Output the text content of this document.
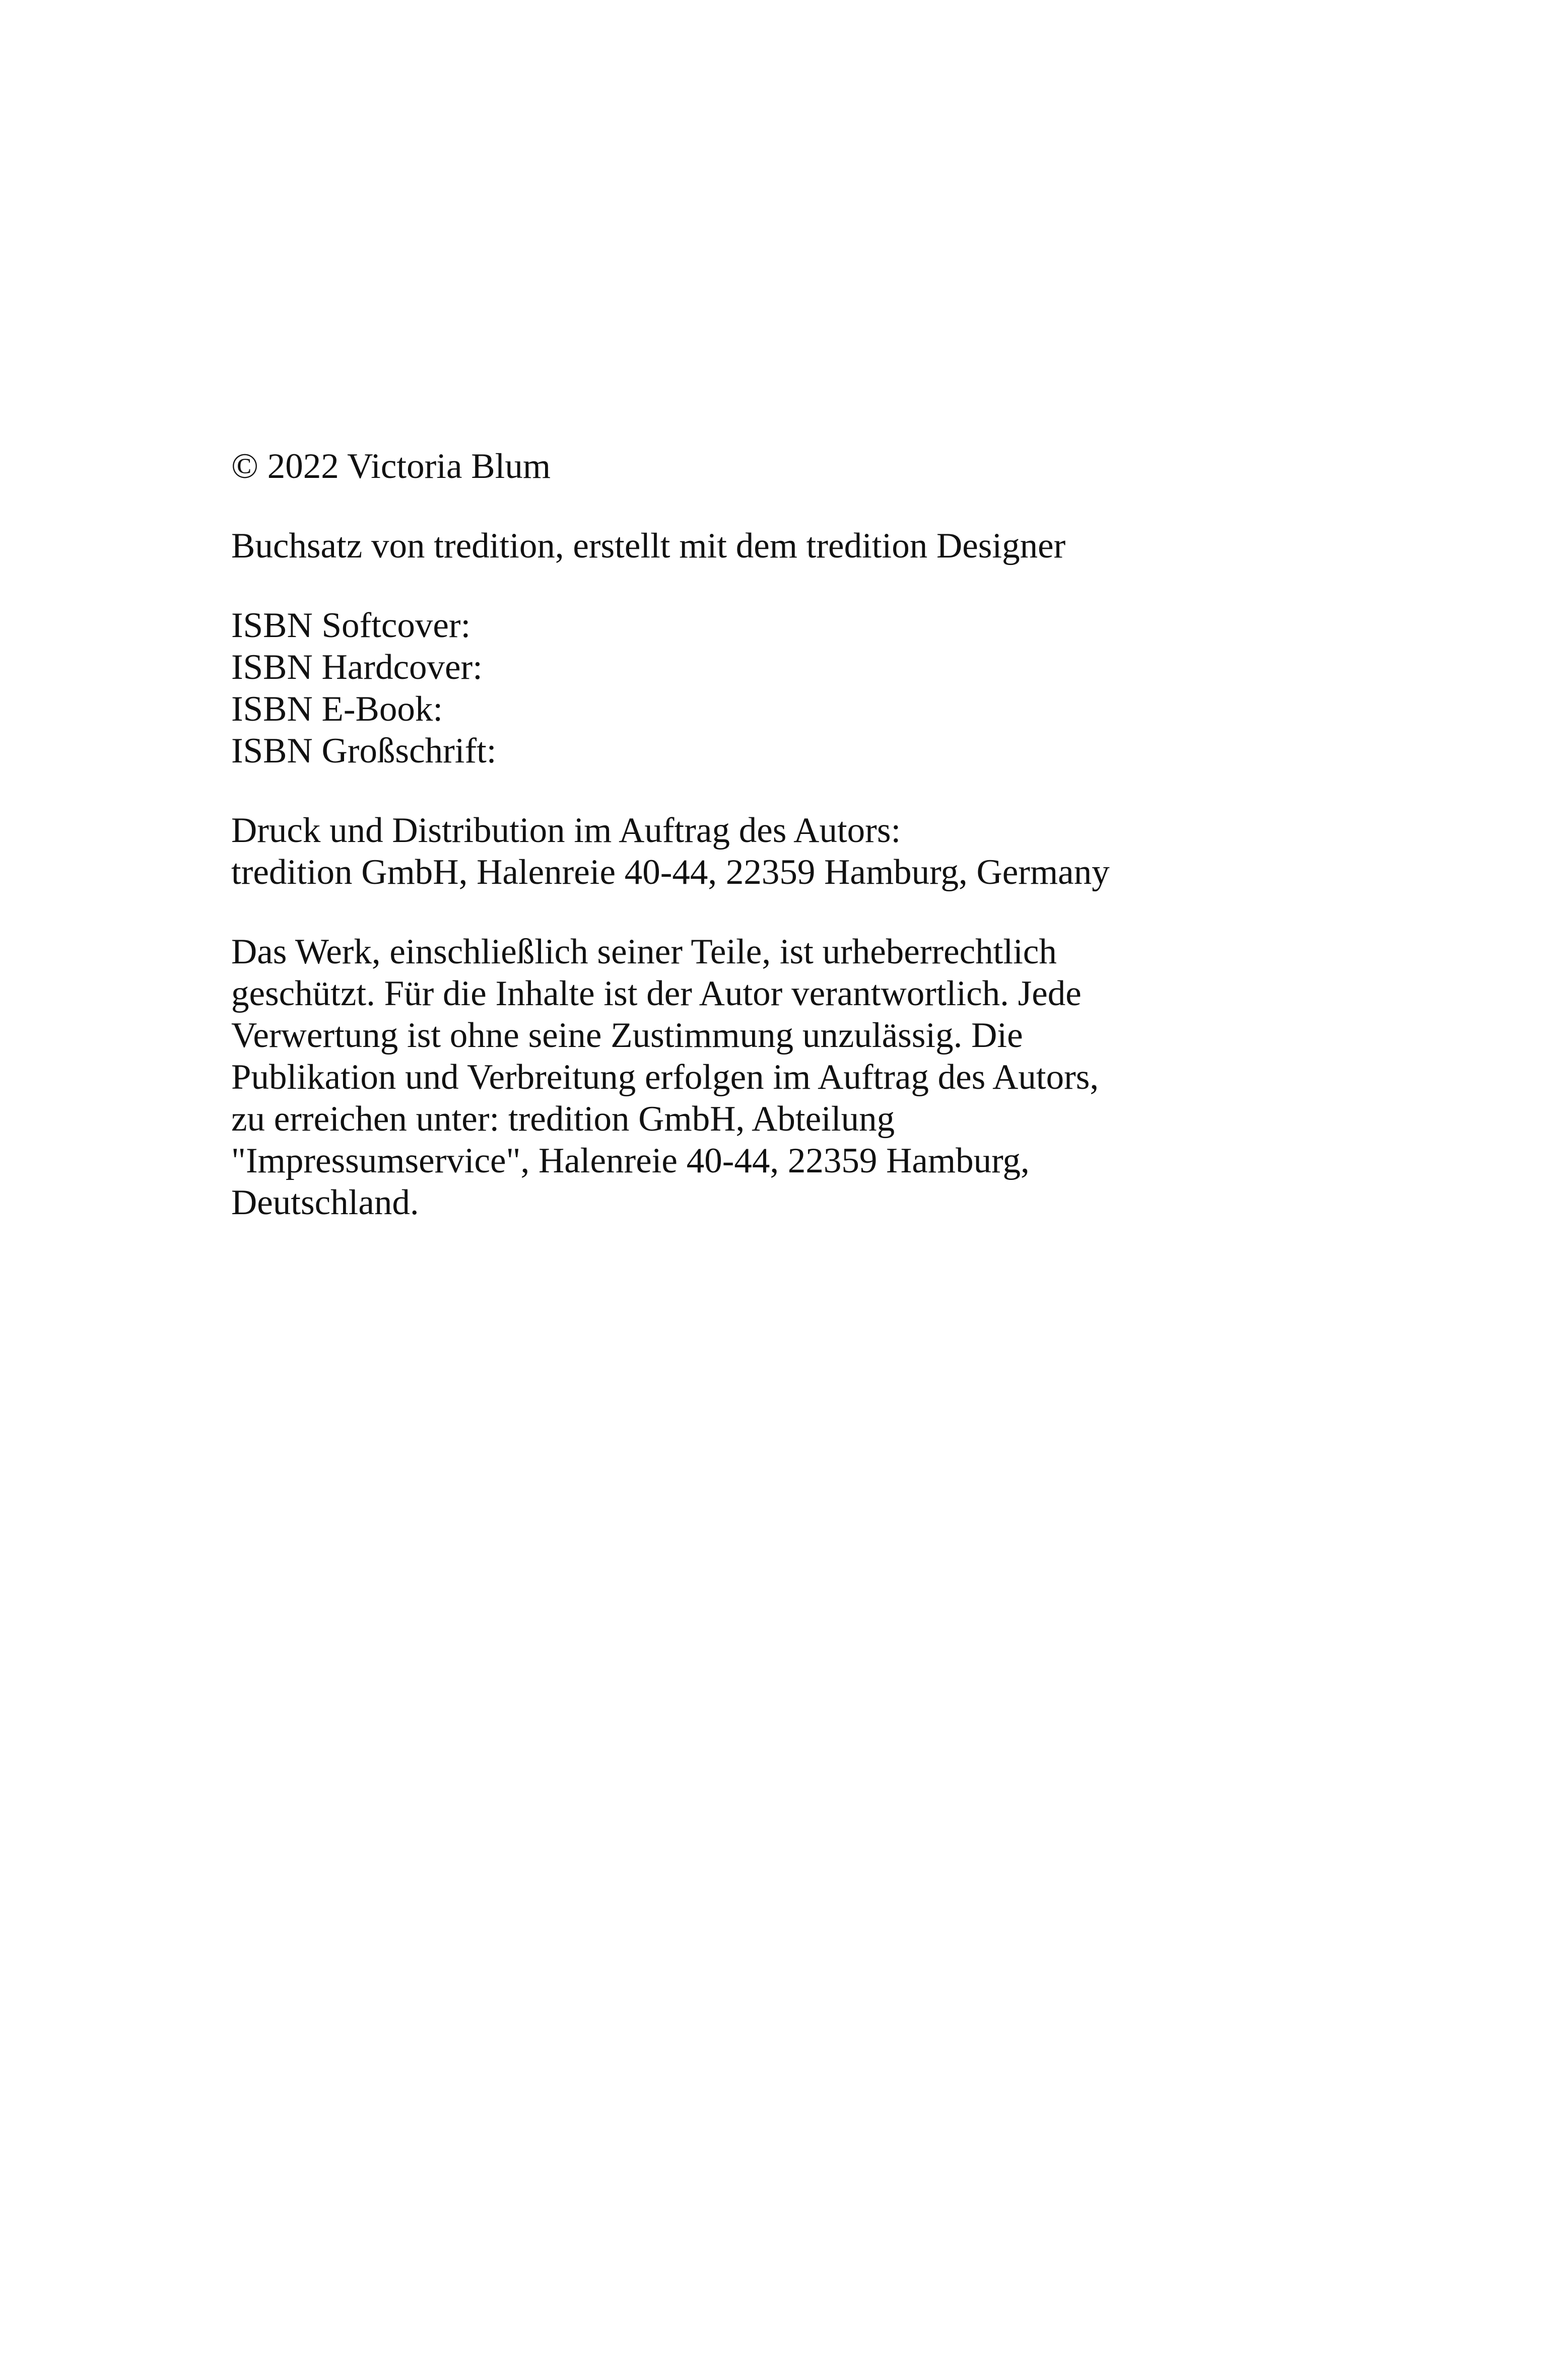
© 2022 Victoria Blum
Buchsatz von tredition, erstellt mit dem tredition Designer
ISBN Softcover:
ISBN Hardcover:
ISBN E-Book:
ISBN Großschrift:
Druck und Distribution im Auftrag des Autors:
tredition GmbH, Halenreie 40-44, 22359 Hamburg, Germany
Das Werk, einschließlich seiner Teile, ist urheberrechtlich
geschützt. Für die Inhalte ist der Autor verantwortlich. Jede
Verwertung ist ohne seine Zustimmung unzulässig. Die
Publikation und Verbreitung erfolgen im Auftrag des Autors,
zu erreichen unter: tredition GmbH, Abteilung
"Impressumservice", Halenreie 40-44, 22359 Hamburg,
Deutschland.
